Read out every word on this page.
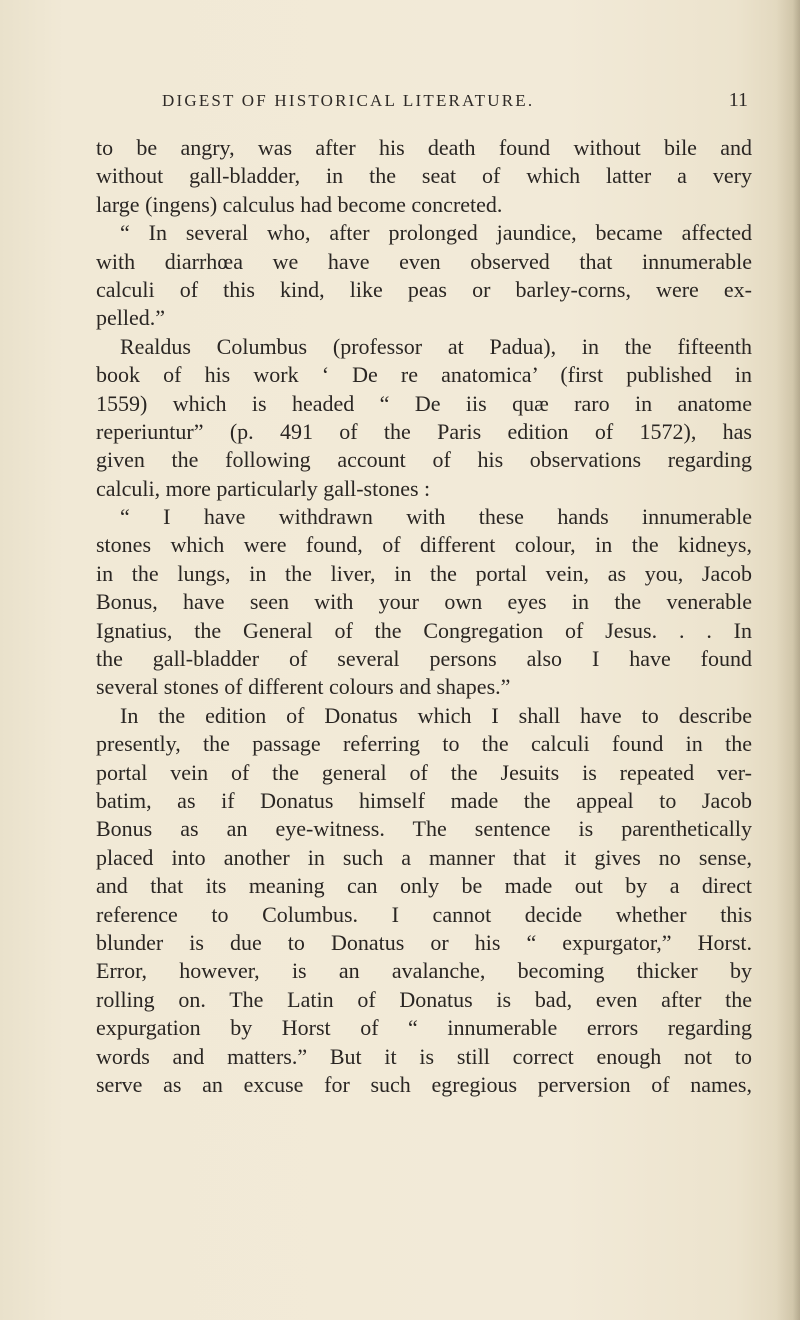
DIGEST OF HISTORICAL LITERATURE.	11
to be angry, was after his death found without bile and
without gall-bladder, in the seat of which latter a very
large (ingens) calculus had become concreted.
“ In several who, after prolonged jaundice, became affected
with diarrhœa we have even observed that innumerable
calculi of this kind, like peas or barley-corns, were ex-
pelled.”
Realdus Columbus (professor at Padua), in the fifteenth
book of his work ‘ De re anatomica’ (first published in
1559) which is headed “ De iis quæ raro in anatome
reperiuntur” (p. 491 of the Paris edition of 1572), has
given the following account of his observations regarding
calculi, more particularly gall-stones :
“ I have withdrawn with these hands innumerable
stones which were found, of different colour, in the kidneys,
in the lungs, in the liver, in the portal vein, as you, Jacob
Bonus, have seen with your own eyes in the venerable
Ignatius, the General of the Congregation of Jesus. . . In
the gall-bladder of several persons also I have found
several stones of different colours and shapes.”
In the edition of Donatus which I shall have to describe
presently, the passage referring to the calculi found in the
portal vein of the general of the Jesuits is repeated ver-
batim, as if Donatus himself made the appeal to Jacob
Bonus as an eye-witness. The sentence is parenthetically
placed into another in such a manner that it gives no sense,
and that its meaning can only be made out by a direct
reference to Columbus. I cannot decide whether this
blunder is due to Donatus or his “ expurgator,” Horst.
Error, however, is an avalanche, becoming thicker by
rolling on. The Latin of Donatus is bad, even after the
expurgation by Horst of “ innumerable errors regarding
words and matters.” But it is still correct enough not to
serve as an excuse for such egregious perversion of names,
